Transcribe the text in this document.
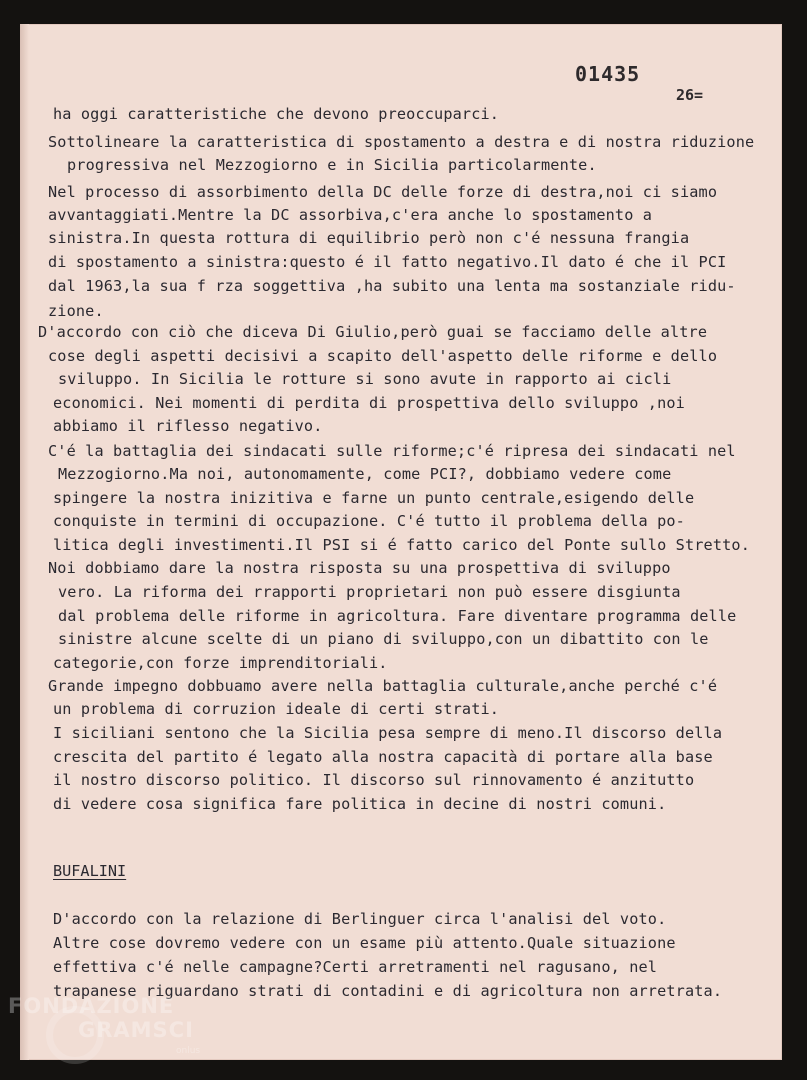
01435
26=
ha oggi caratteristiche che devono preoccuparci.
Sottolineare la caratteristica di spostamento a destra e di nostra riduzione
progressiva nel Mezzogiorno e in Sicilia particolarmente.
Nel processo di assorbimento della DC delle forze di destra,noi ci siamo
avvantaggiati.Mentre la DC assorbiva,c'era anche lo spostamento a
sinistra.In questa rottura di equilibrio però non c'é nessuna frangia
di spostamento a sinistra:questo é il fatto negativo.Il dato é che il PCI
dal 1963,la sua f rza soggettiva ,ha subito una lenta ma sostanziale ridu-
zione.
D'accordo con ciò che diceva Di Giulio,però guai se facciamo delle altre
cose degli aspetti decisivi a scapito dell'aspetto delle riforme e dello
sviluppo. In Sicilia le rotture si sono avute in rapporto ai cicli
economici. Nei momenti di perdita di prospettiva dello sviluppo ,noi
abbiamo il riflesso negativo.
C'é la battaglia dei sindacati sulle riforme;c'é ripresa dei sindacati nel
Mezzogiorno.Ma noi, autonomamente, come PCI?, dobbiamo vedere come
spingere la nostra inizitiva e farne un punto centrale,esigendo delle
conquiste in termini di occupazione. C'é tutto il problema della po-
litica degli investimenti.Il PSI si é fatto carico del Ponte sullo Stretto.
Noi dobbiamo dare la nostra risposta su una prospettiva di sviluppo
vero. La riforma dei rrapporti proprietari non può essere disgiunta
dal problema delle riforme in agricoltura. Fare diventare programma delle
sinistre alcune scelte di un piano di sviluppo,con un dibattito con le
categorie,con forze imprenditoriali.
Grande impegno dobbuamo avere nella battaglia culturale,anche perché c'é
un problema di corruzion ideale di certi strati.
I siciliani sentono che la Sicilia pesa sempre di meno.Il discorso della
crescita del partito é legato alla nostra capacità di portare alla base
il nostro discorso politico. Il discorso sul rinnovamento é anzitutto
di vedere cosa significa fare politica in decine di nostri comuni.
BUFALINI
D'accordo con la relazione di Berlinguer circa l'analisi del voto.
Altre cose dovremo vedere con un esame più attento.Quale situazione
effettiva c'é nelle campagne?Certi arretramenti nel ragusano, nel
trapanese riguardano strati di contadini e di agricoltura non arretrata.
FONDAZIONE
GRAMSCI
onlus
